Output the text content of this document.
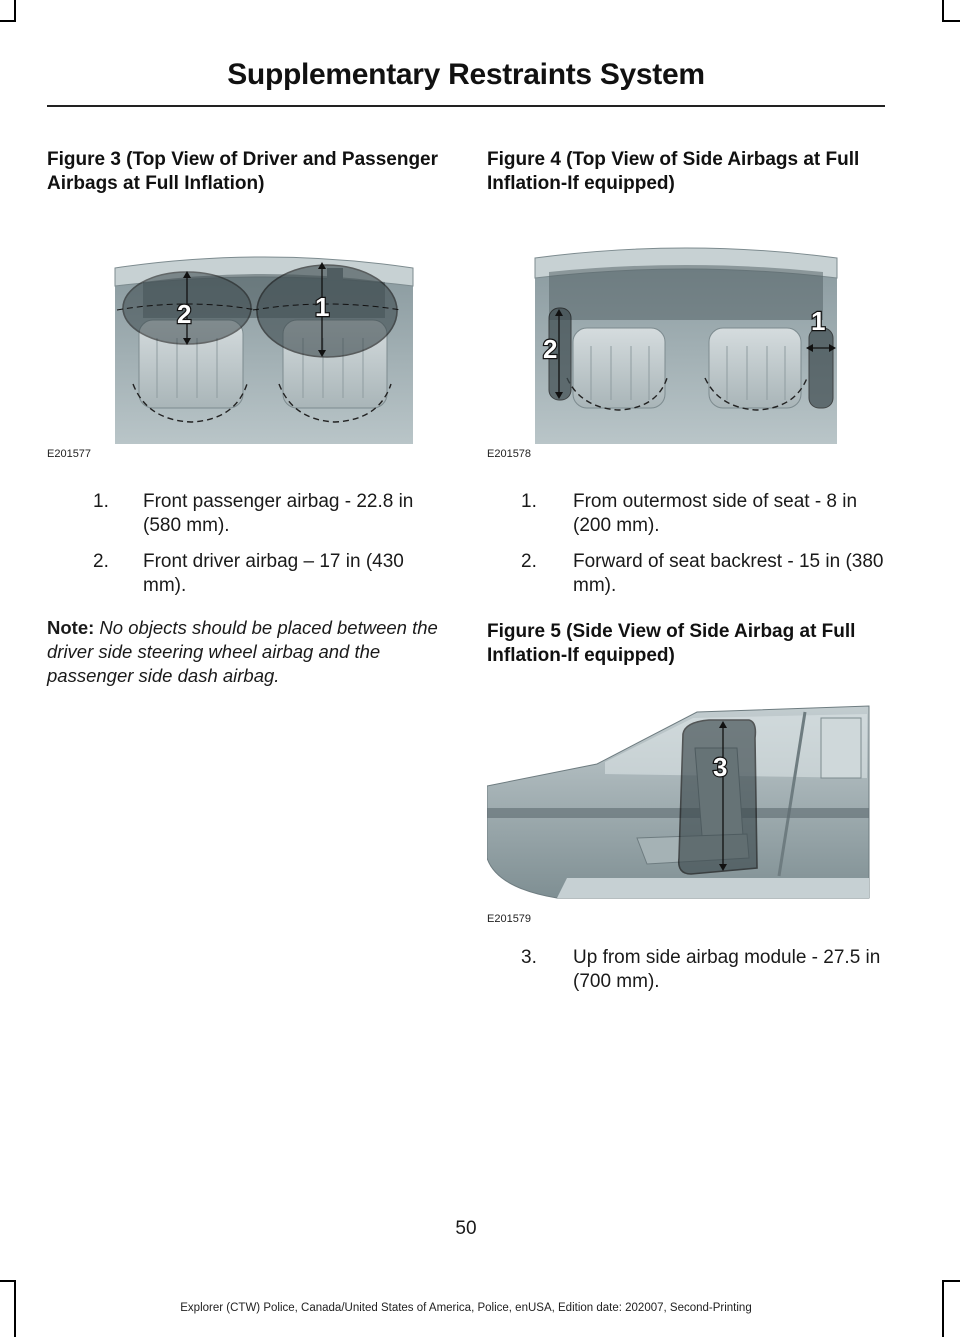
Supplementary Restraints System

Figure 3 (Top View of Driver and Passenger Airbags at Full Inflation)

2	1
E201577
1.	Front passenger airbag - 22.8 in (580 mm).
2.	Front driver airbag – 17 in (430 mm).

Note: No objects should be placed between the driver side steering wheel airbag and the passenger side dash airbag.

Figure 4 (Top View of Side Airbags at Full Inflation-If equipped)

1
2
E201578
1.	From outermost side of seat - 8 in (200 mm).
2.	Forward of seat backrest - 15 in (380 mm).

Figure 5 (Side View of Side Airbag at Full Inflation-If equipped)

3
E201579
3.	Up from side airbag module - 27.5 in (700 mm).
50
Explorer (CTW) Police, Canada/United States of America, Police, enUSA, Edition date: 202007, Second-Printing
